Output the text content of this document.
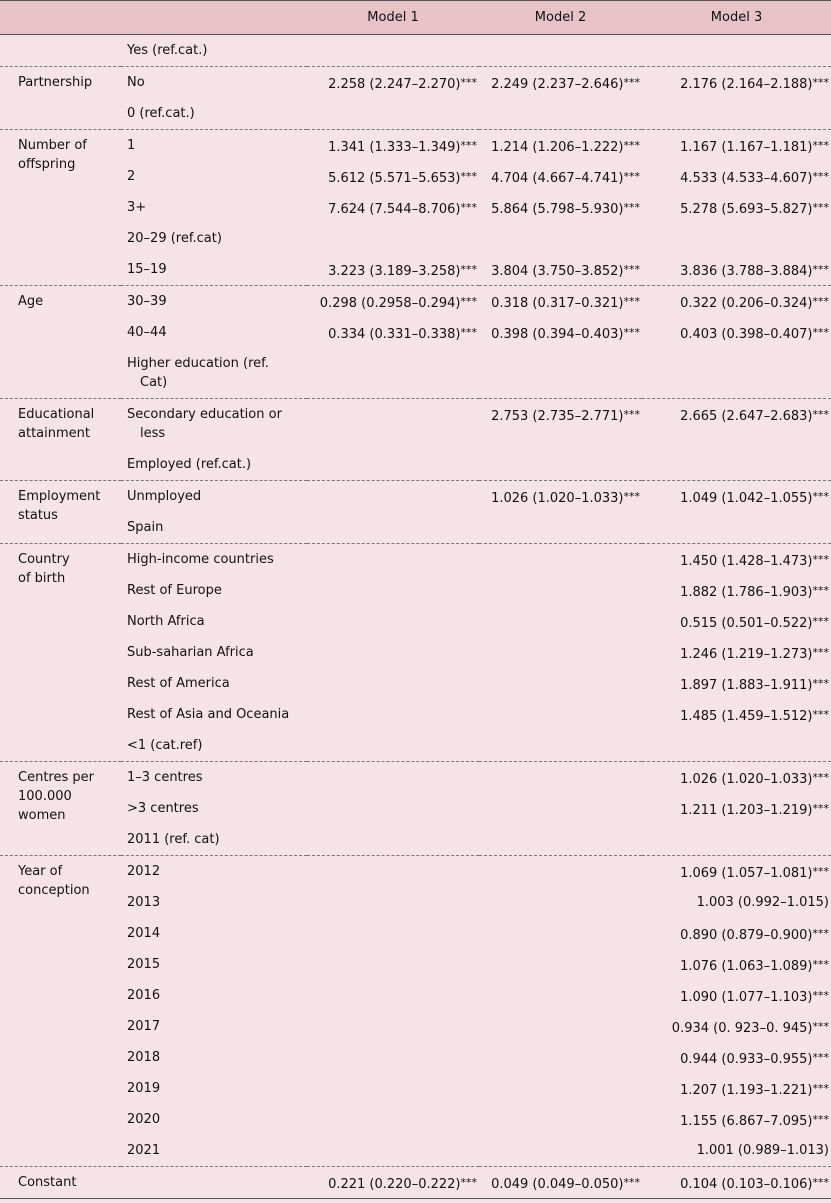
		Model 1	Model 2	Model 3

	Yes (ref.cat.)			

Partnership	No	2.258 (2.247–2.270)***	2.249 (2.237–2.646)***	2.176 (2.164–2.188)***

	0 (ref.cat.)			

Number of
offspring	1	1.341 (1.333–1.349)***	1.214 (1.206–1.222)***	1.167 (1.167–1.181)***

	2	5.612 (5.571–5.653)***	4.704 (4.667–4.741)***	4.533 (4.533–4.607)***

	3+	7.624 (7.544–8.706)***	5.864 (5.798–5.930)***	5.278 (5.693–5.827)***

	20–29 (ref.cat)			

	15–19	3.223 (3.189–3.258)***	3.804 (3.750–3.852)***	3.836 (3.788–3.884)***

Age	30–39	0.298 (0.2958–0.294)***	0.318 (0.317–0.321)***	0.322 (0.206–0.324)***

	40–44	0.334 (0.331–0.338)***	0.398 (0.394–0.403)***	0.403 (0.398–0.407)***

	Higher education (ref.
Cat)			

Educational
attainment	Secondary education or
less		2.753 (2.735–2.771)***	2.665 (2.647–2.683)***

	Employed (ref.cat.)			

Employment
status	Unmployed		1.026 (1.020–1.033)***	1.049 (1.042–1.055)***

	Spain			

Country
of birth	High-income countries			1.450 (1.428–1.473)***

	Rest of Europe			1.882 (1.786–1.903)***

	North Africa			0.515 (0.501–0.522)***

	Sub-saharian Africa			1.246 (1.219–1.273)***

	Rest of America			1.897 (1.883–1.911)***

	Rest of Asia and Oceania			1.485 (1.459–1.512)***

	<1 (cat.ref)			

Centres per
100.000
women	1–3 centres			1.026 (1.020–1.033)***

	>3 centres			1.211 (1.203–1.219)***

	2011 (ref. cat)			

Year of
conception	2012			1.069 (1.057–1.081)***

	2013			1.003 (0.992–1.015)

	2014			0.890 (0.879–0.900)***

	2015			1.076 (1.063–1.089)***

	2016			1.090 (1.077–1.103)***

	2017			0.934 (0. 923–0. 945)***

	2018			0.944 (0.933–0.955)***

	2019			1.207 (1.193–1.221)***

	2020			1.155 (6.867–7.095)***

	2021			1.001 (0.989–1.013)

Constant		0.221 (0.220–0.222)***	0.049 (0.049–0.050)***	0.104 (0.103–0.106)***
